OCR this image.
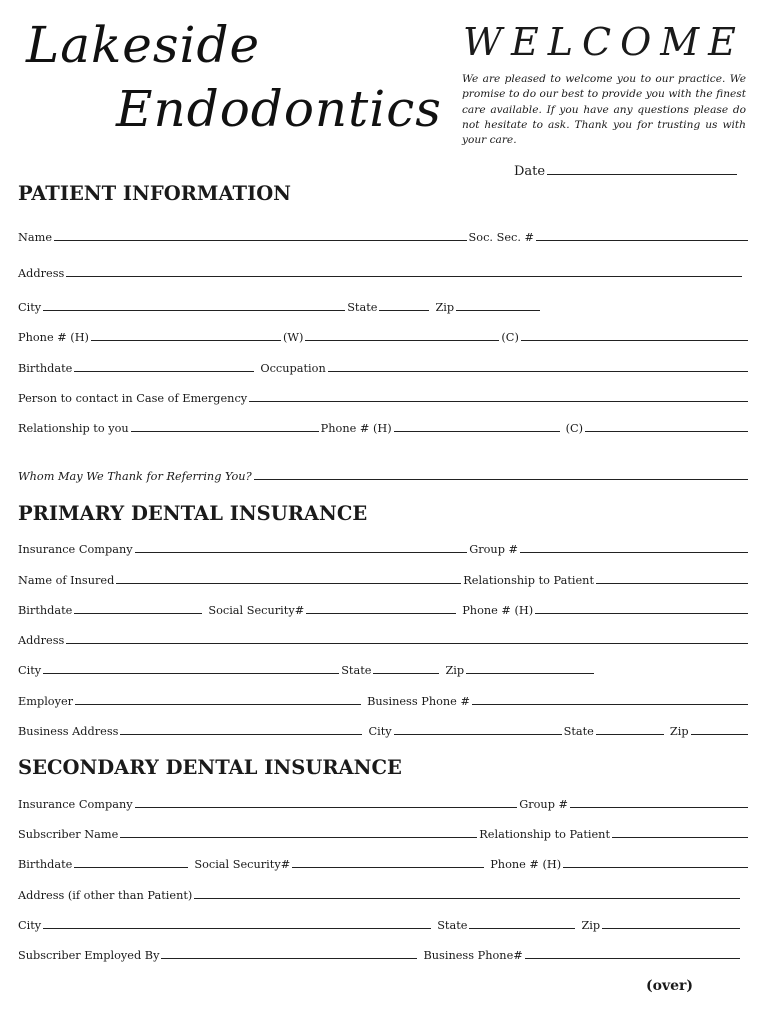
Lakeside
Endodontics
WELCOME
We are pleased to welcome you to our practice. We promise to do our best to provide you with the finest care available. If you have any questions please do not hesitate to ask. Thank you for trusting us with your care.
Date
PATIENT INFORMATION
Name	Soc. Sec. #
Address
City	State	Zip
Phone # (H)	(W)	(C)
Birthdate	Occupation
Person to contact in Case of Emergency
Relationship to you	Phone # (H)	(C)
Whom May We Thank for Referring You?
PRIMARY DENTAL INSURANCE
Insurance Company	Group #
Name of Insured	Relationship to Patient
Birthdate	Social Security#	Phone # (H)
Address
City	State	Zip
Employer	Business Phone #
Business Address	City	State	Zip
SECONDARY DENTAL INSURANCE
Insurance Company	Group #
Subscriber Name	Relationship to Patient
Birthdate	Social Security#	Phone # (H)
Address (if other than Patient)
City	State	Zip
Subscriber Employed By	Business Phone#
(over)
